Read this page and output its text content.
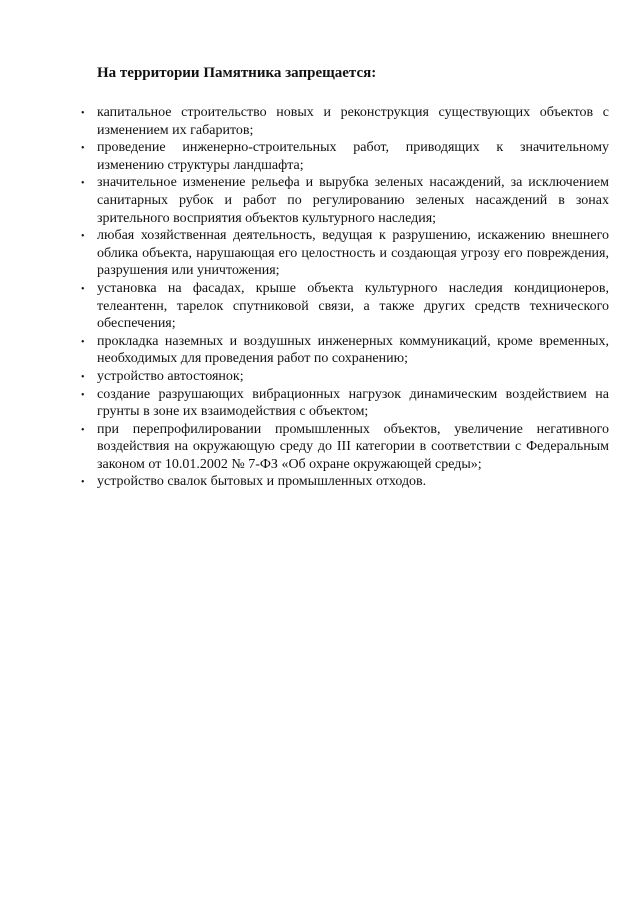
На территории Памятника запрещается:
• капитальное строительство новых и реконструкция существующих объектов с изменением их габаритов;
• проведение инженерно-строительных работ, приводящих к значительному изменению структуры ландшафта;
• значительное изменение рельефа и вырубка зеленых насаждений, за исключением санитарных рубок и работ по регулированию зеленых насаждений в зонах зрительного восприятия объектов культурного наследия;
• любая хозяйственная деятельность, ведущая к разрушению, искажению внешнего облика объекта, нарушающая его целостность и создающая угрозу его повреждения, разрушения или уничтожения;
• установка на фасадах, крыше объекта культурного наследия кондиционеров, телеантенн, тарелок спутниковой связи, а также других средств технического обеспечения;
• прокладка наземных и воздушных инженерных коммуникаций, кроме временных, необходимых для проведения работ по сохранению;
• устройство автостоянок;
• создание разрушающих вибрационных нагрузок динамическим воздействием на грунты в зоне их взаимодействия с объектом;
• при перепрофилировании промышленных объектов, увеличение негативного воздействия на окружающую среду до III категории в соответствии с Федеральным законом от 10.01.2002 № 7-ФЗ «Об охране окружающей среды»;
• устройство свалок бытовых и промышленных отходов.
